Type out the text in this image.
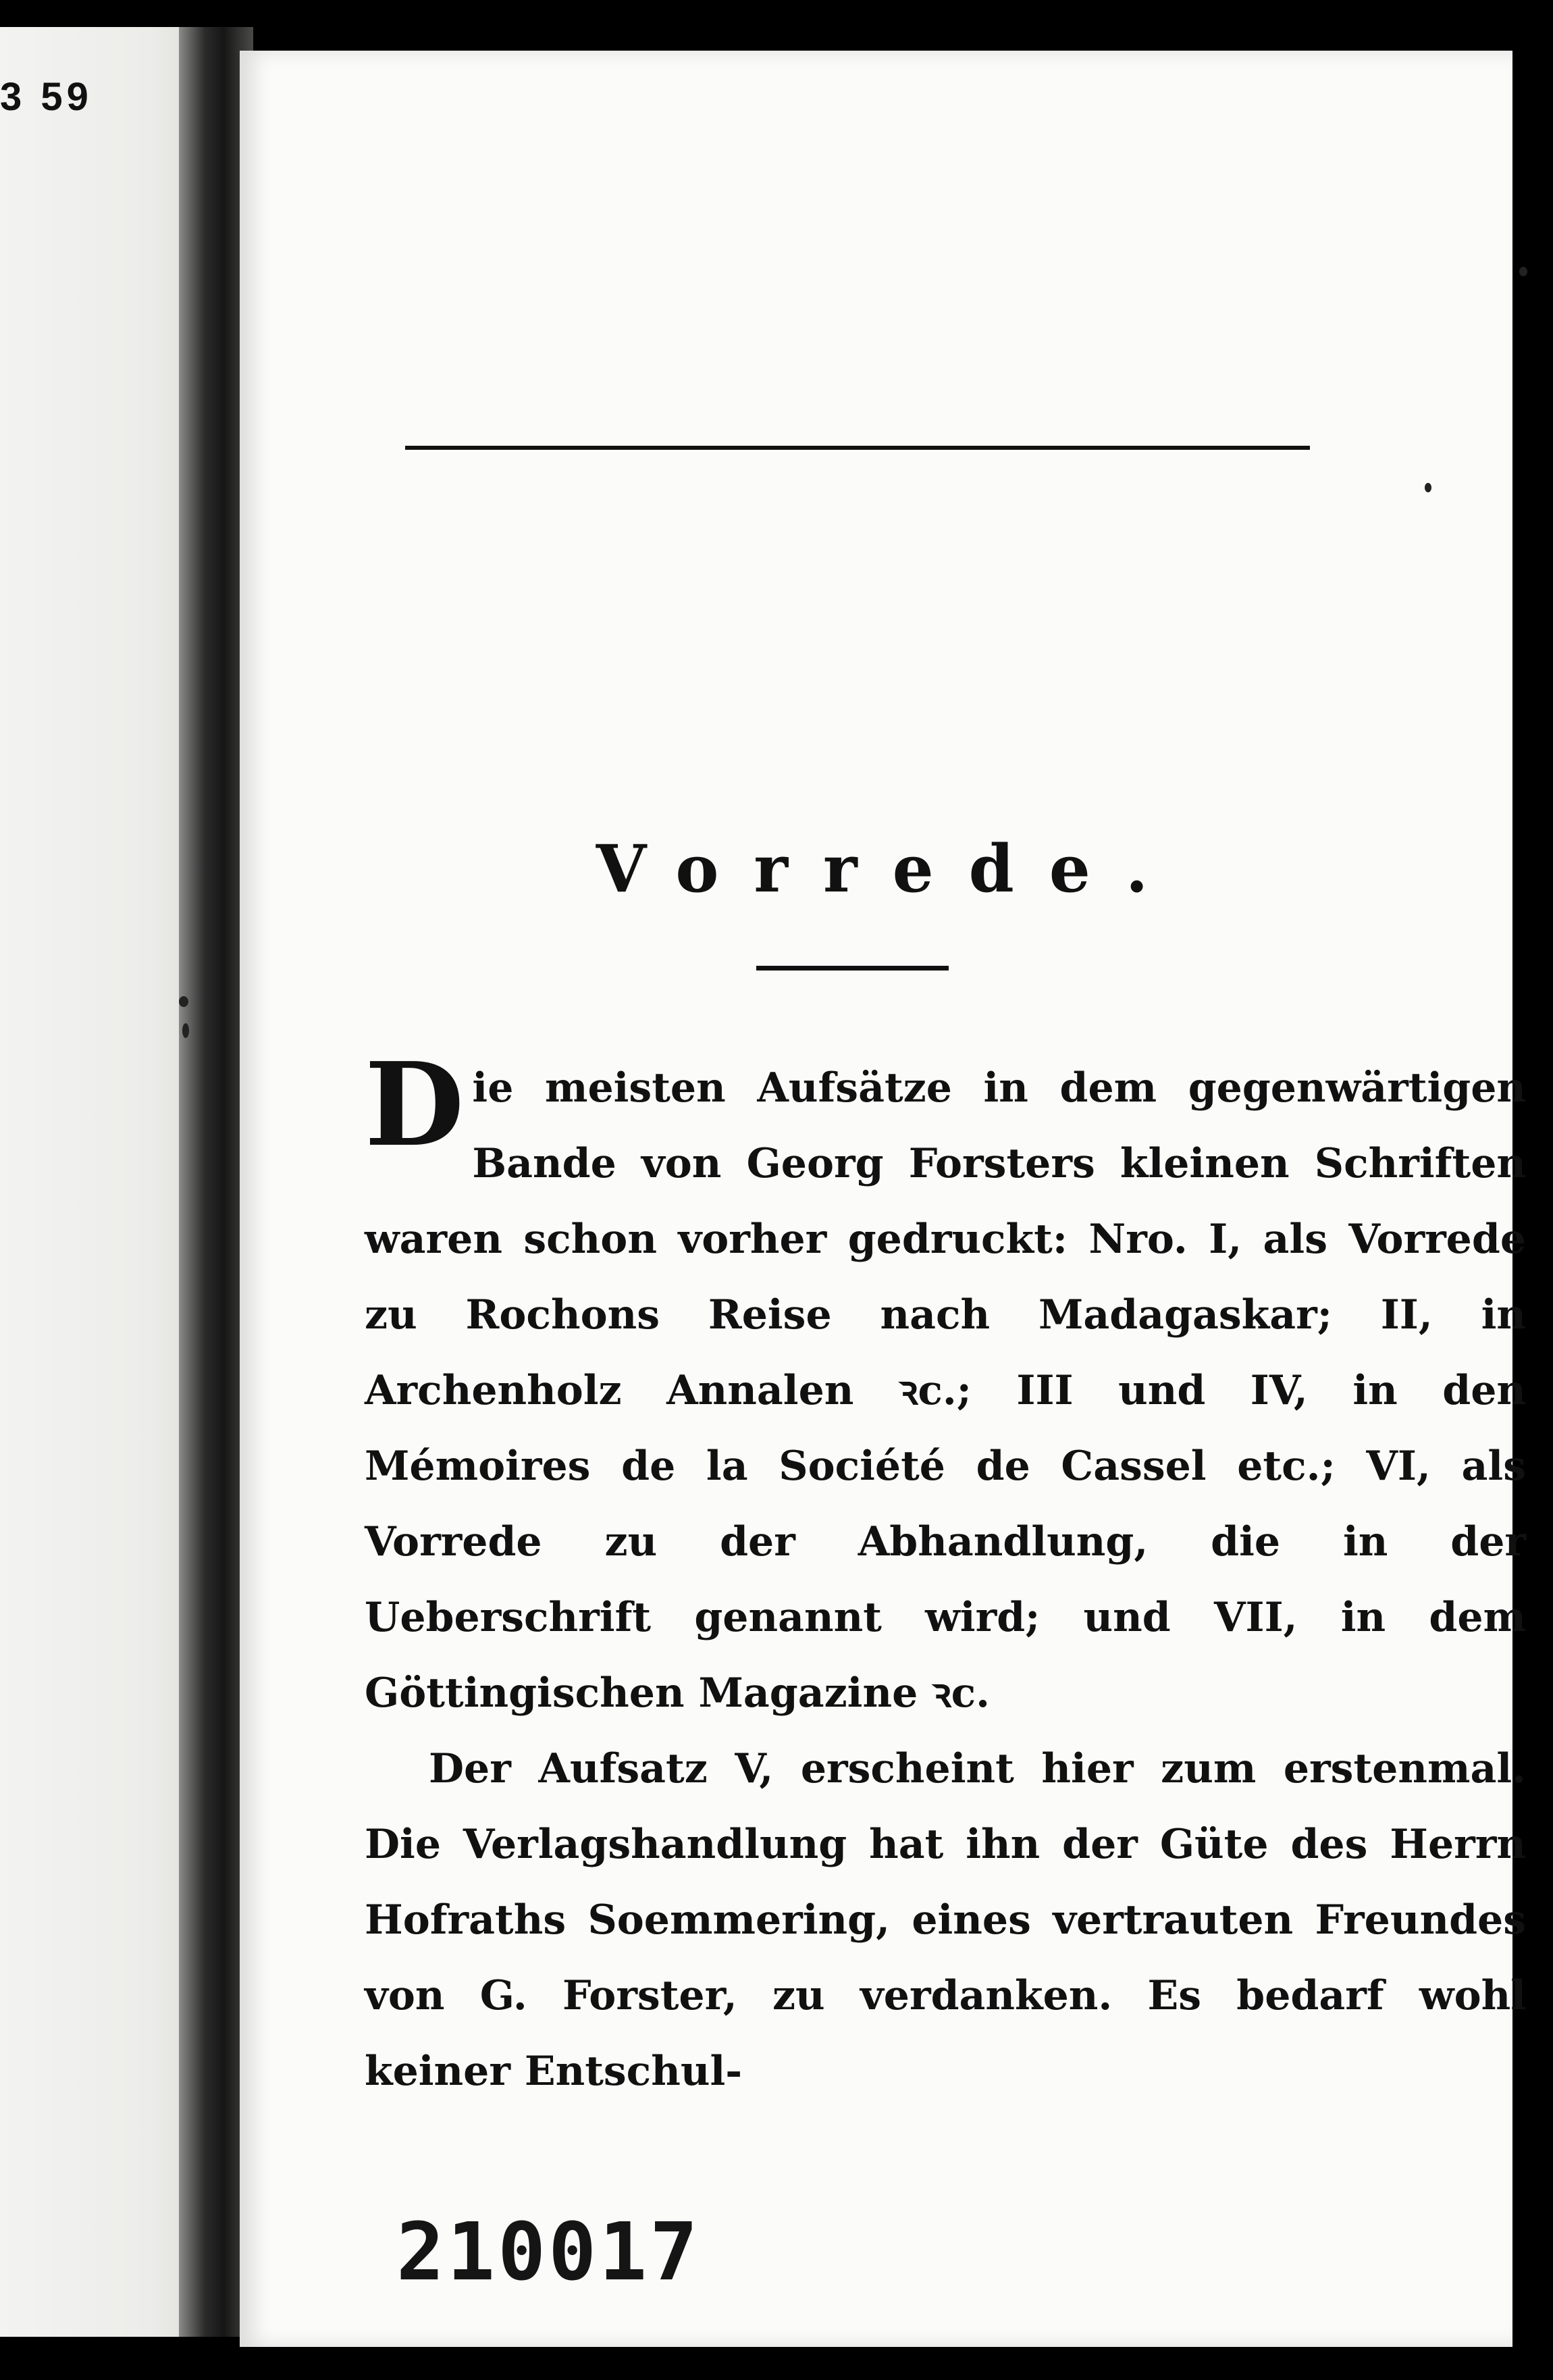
3 59
Vorrede.

Die meisten Aufsätze in dem gegenwärtigen Bande von Georg Forsters kleinen Schriften waren schon vorher gedruckt: Nro. I, als Vorrede zu Rochons Reise nach Madagaskar; II, in Archenholz Annalen ꝛc.; III und IV, in den Mémoires de la Société de Cassel etc.; VI, als Vorrede zu der Abhandlung, die in der Ueberschrift genannt wird; und VII, in dem Göttingischen Magazine ꝛc.

Der Aufsatz V, erscheint hier zum erstenmal. Die Verlagshandlung hat ihn der Güte des Herrn Hofraths Soemmering, eines vertrauten Freundes von G. Forster, zu verdanken. Es bedarf wohl keiner Entschul-

210017
